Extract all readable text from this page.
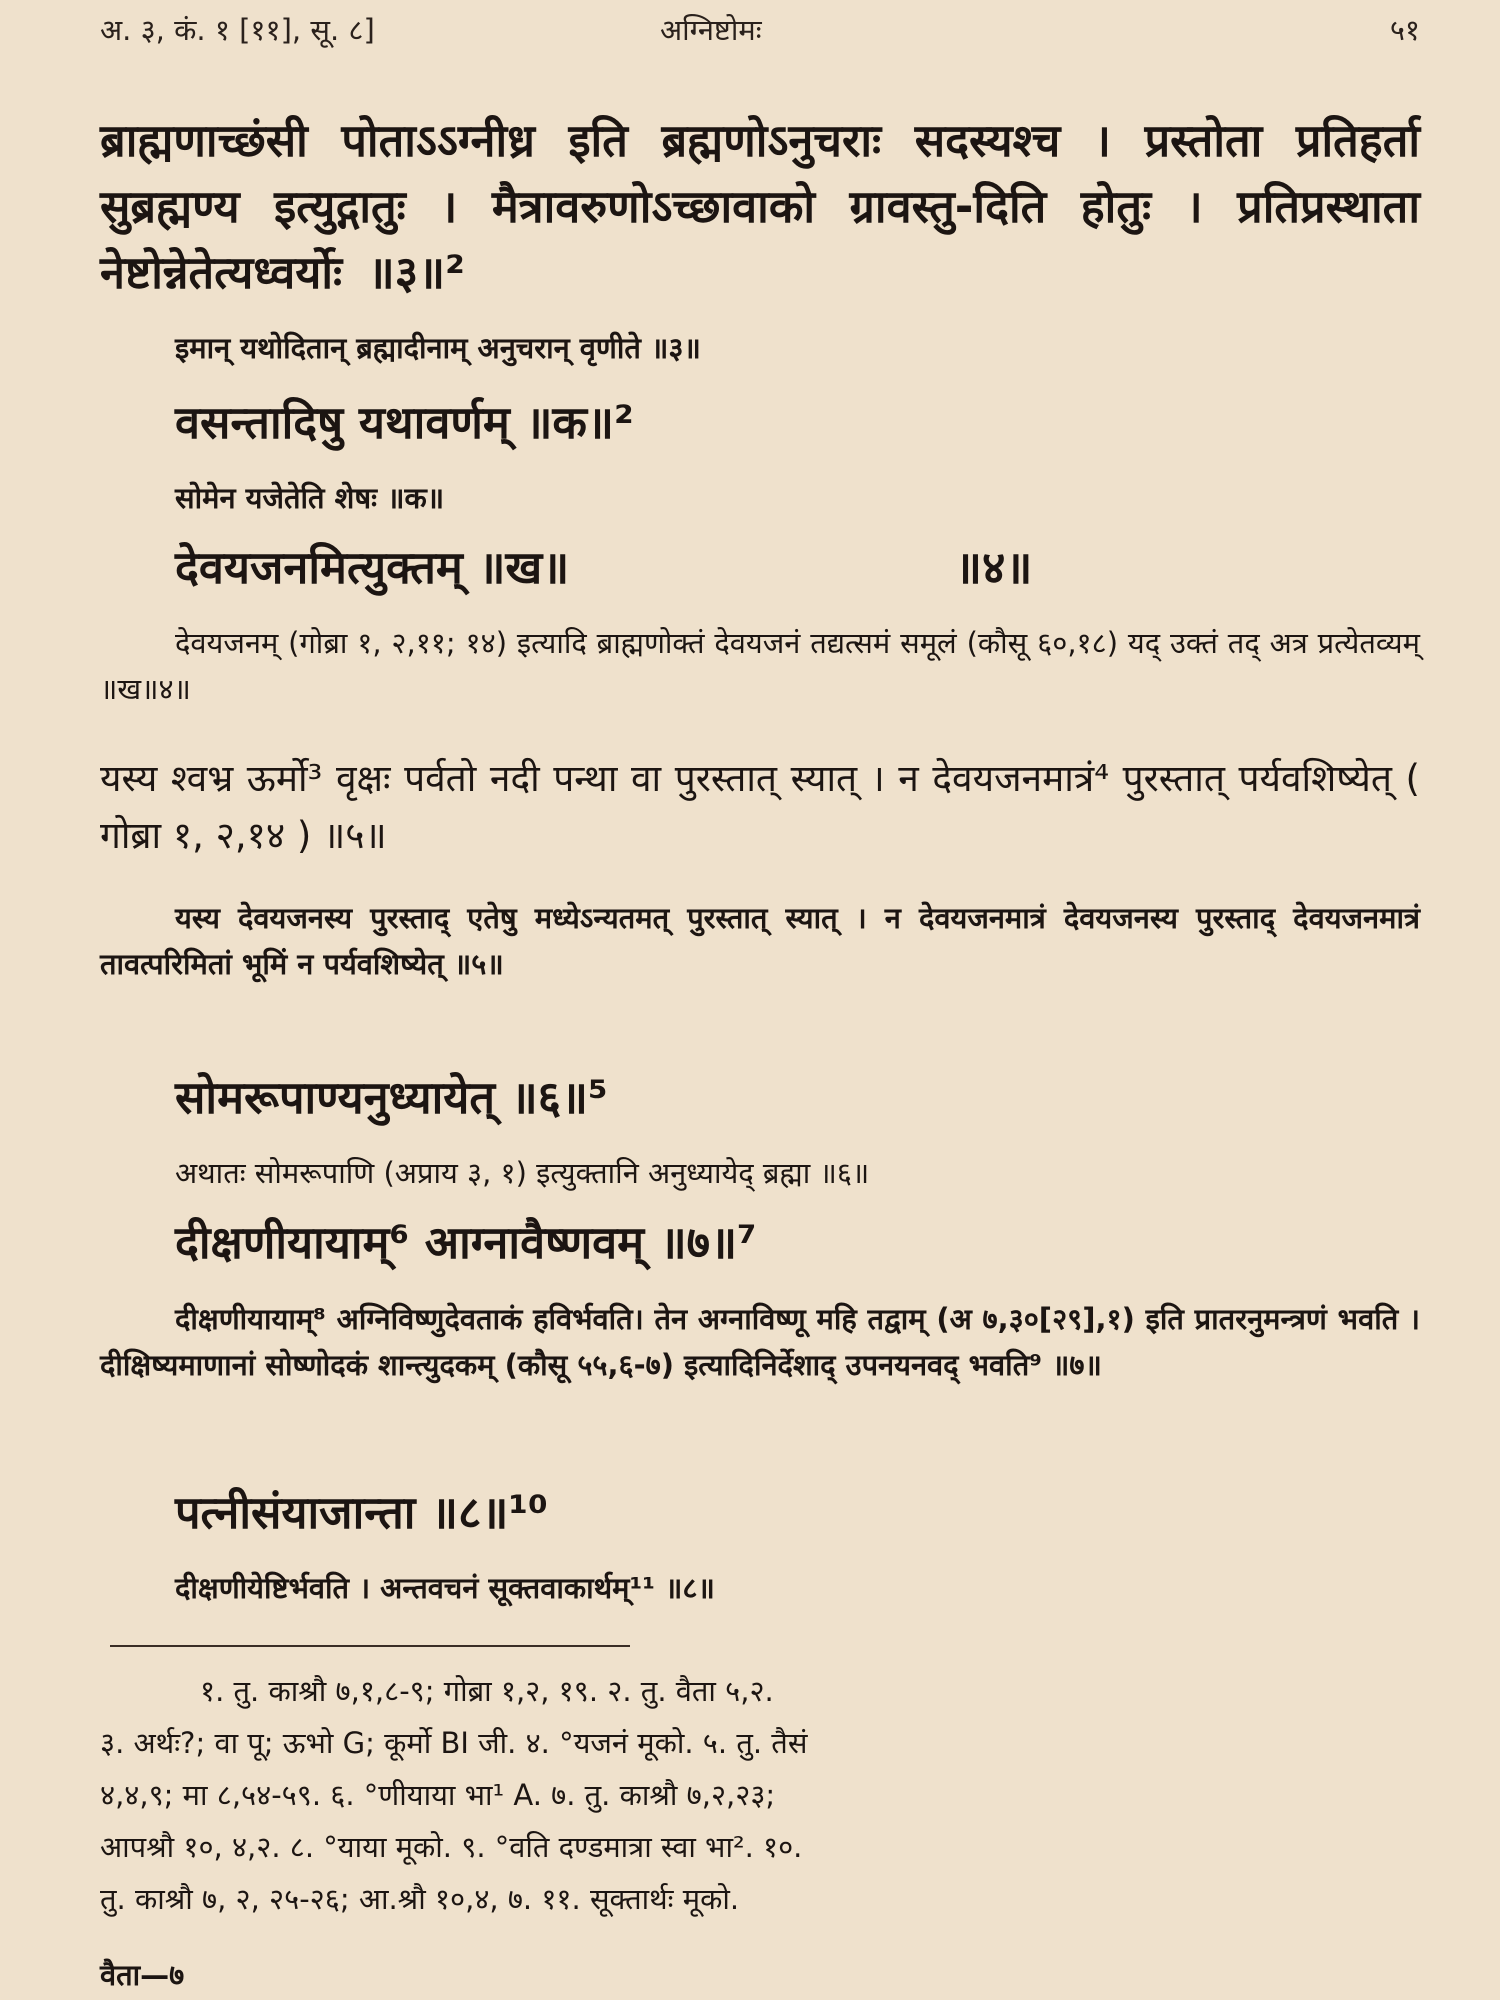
अ. ३, कं. १ [११], सू. ८]	अग्निष्टोमः	५१
ब्राह्मणाच्छंसी पोताऽऽग्नीध्र इति ब्रह्मणोऽनुचराः सदस्यश्च । प्रस्तोता प्रतिहर्ता सुब्रह्मण्य इत्युद्गातुः । मैत्रावरुणोऽच्छावाको ग्रावस्तु-दिति होतुः । प्रतिप्रस्थाता नेष्टोन्नेतेत्यध्वर्योः ॥३॥²
इमान् यथोदितान् ब्रह्मादीनाम् अनुचरान् वृणीते ॥३॥
वसन्तादिषु यथावर्णम् ॥क॥²
सोमेन यजेतेति शेषः ॥क॥
देवयजनमित्युक्तम् ॥ख॥	॥४॥
देवयजनम् (गोब्रा १, २,११; १४) इत्यादि ब्राह्मणोक्तं देवयजनं तद्यत्समं समूलं (कौसू ६०,१८) यद् उक्तं तद् अत्र प्रत्येतव्यम् ॥ख॥४॥
यस्य श्वभ्र ऊर्मो³ वृक्षः पर्वतो नदी पन्था वा पुरस्तात् स्यात् । न देवयजनमात्रं⁴ पुरस्तात् पर्यवशिष्येत् ( गोब्रा १, २,१४ ) ॥५॥
यस्य देवयजनस्य पुरस्ताद् एतेषु मध्येऽन्यतमत् पुरस्तात् स्यात् । न देवयजनमात्रं देवयजनस्य पुरस्ताद् देवयजनमात्रं तावत्परिमितां भूमिं न पर्यवशिष्येत् ॥५॥
सोमरूपाण्यनुध्यायेत् ॥६॥⁵
अथातः सोमरूपाणि (अप्राय ३, १) इत्युक्तानि अनुध्यायेद् ब्रह्मा ॥६॥
दीक्षणीयायाम्⁶ आग्नावैष्णवम् ॥७॥⁷
दीक्षणीयायाम्⁸ अग्निविष्णुदेवताकं हविर्भवति। तेन अग्नाविष्णू महि तद्वाम् (अ ७,३०[२९],१) इति प्रातरनुमन्त्रणं भवति । दीक्षिष्यमाणानां सोष्णोदकं शान्त्युदकम् (कौसू ५५,६-७) इत्यादिनिर्देशाद् उपनयनवद् भवति⁹ ॥७॥
पत्नीसंयाजान्ता ॥८॥¹⁰
दीक्षणीयेष्टिर्भवति । अन्तवचनं सूक्तवाकार्थम्¹¹ ॥८॥

१. तु. काश्रौ ७,१,८-९; गोब्रा १,२, १९. २. तु. वैता ५,२.

३. अर्थः?; वा पू; ऊभो G; कूर्मो BI जी. ४. °यजनं मूको. ५. तु. तैसं

४,४,९; मा ८,५४-५९. ६. °णीयाया भा¹ A. ७. तु. काश्रौ ७,२,२३;

आपश्रौ १०, ४,२. ८. °याया मूको. ९. °वति दण्डमात्रा स्वा भा². १०.

तु. काश्रौ ७, २, २५-२६; आ.श्रौ १०,४, ७. ११. सूक्तार्थः मूको.

वैता—७
